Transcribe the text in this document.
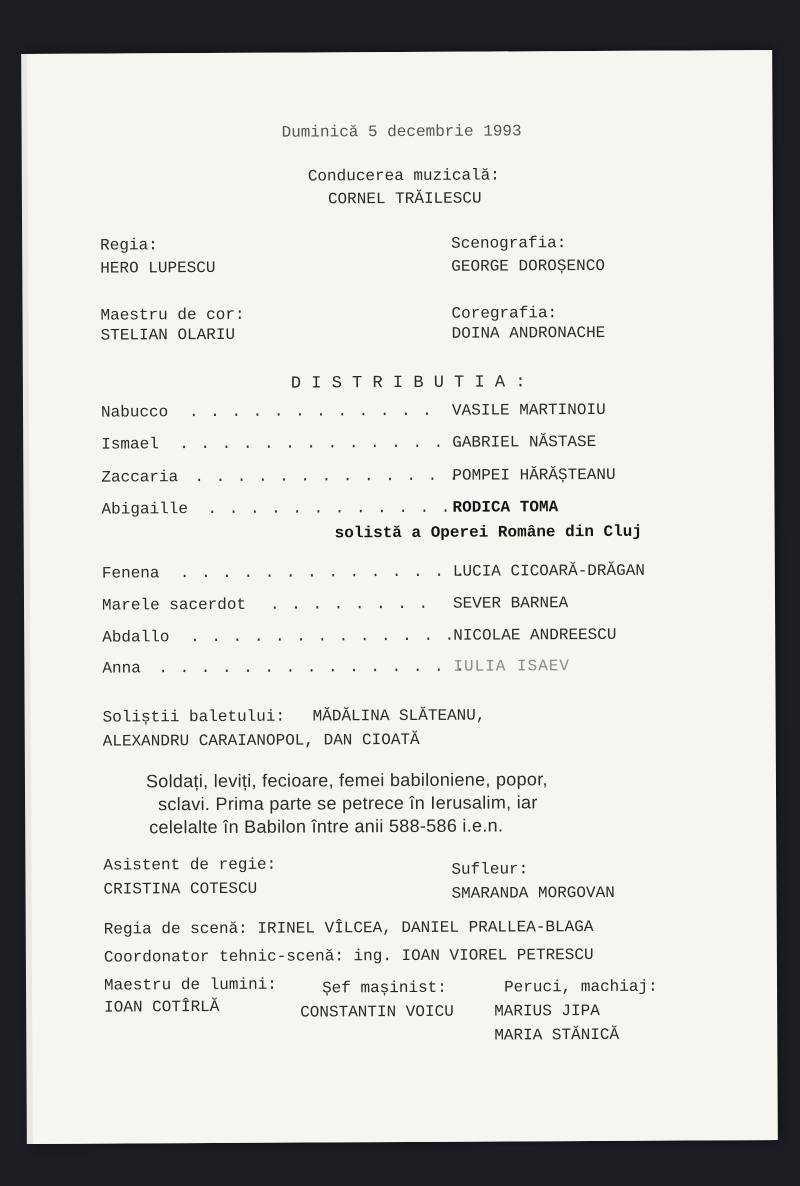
Duminică 5 decembrie 1993
Conducerea muzicală:
CORNEL TRĂILESCU
Regia:
HERO LUPESCU
Scenografia:
GEORGE DOROȘENCO
Maestru de cor:
STELIAN OLARIU
Coregrafia:
DOINA ANDRONACHE
D I S T R I B U T I A :
Nabucco . . . . . . . . . . . . VASILE MARTINOIU
Ismael . . . . . . . . . . . . . .
GABRIEL NĂSTASE
Zaccaria . . . . . . . . . . . . .
POMPEI HĂRĂȘTEANU
Abigaille . . . . . . . . . . . . RODICA TOMA
solistă a Operei Române din Cluj
Fenena . . . . . . . . . . . . . .
LUCIA CICOARĂ-DRĂGAN
Marele sacerdot . . . . . . . . SEVER BARNEA
Abdallo . . . . . . . . . . . . .
NICOLAE ANDREESCU
Anna . . . . . . . . . . . . . . .
IULIA ISAEV
Soliștii baletului: MĂDĂLINA SLĂTEANU,
ALEXANDRU CARAIANOPOL, DAN CIOATĂ
Soldați, leviți, fecioare, femei babiloniene, popor,
sclavi. Prima parte se petrece în Ierusalim, iar
celelalte în Babilon între anii 588-586 i.e.n.
Asistent de regie:
CRISTINA COTESCU
Sufleur:
SMARANDA MORGOVAN
Regia de scenă: IRINEL VÎLCEA, DANIEL PRALLEA-BLAGA
Coordonator tehnic-scenă: ing. IOAN VIOREL PETRESCU
Maestru de lumini:
IOAN COTÎRLĂ
Șef mașinist:
CONSTANTIN VOICU
Peruci, machiaj:
MARIUS JIPA
MARIA STĂNICĂ
